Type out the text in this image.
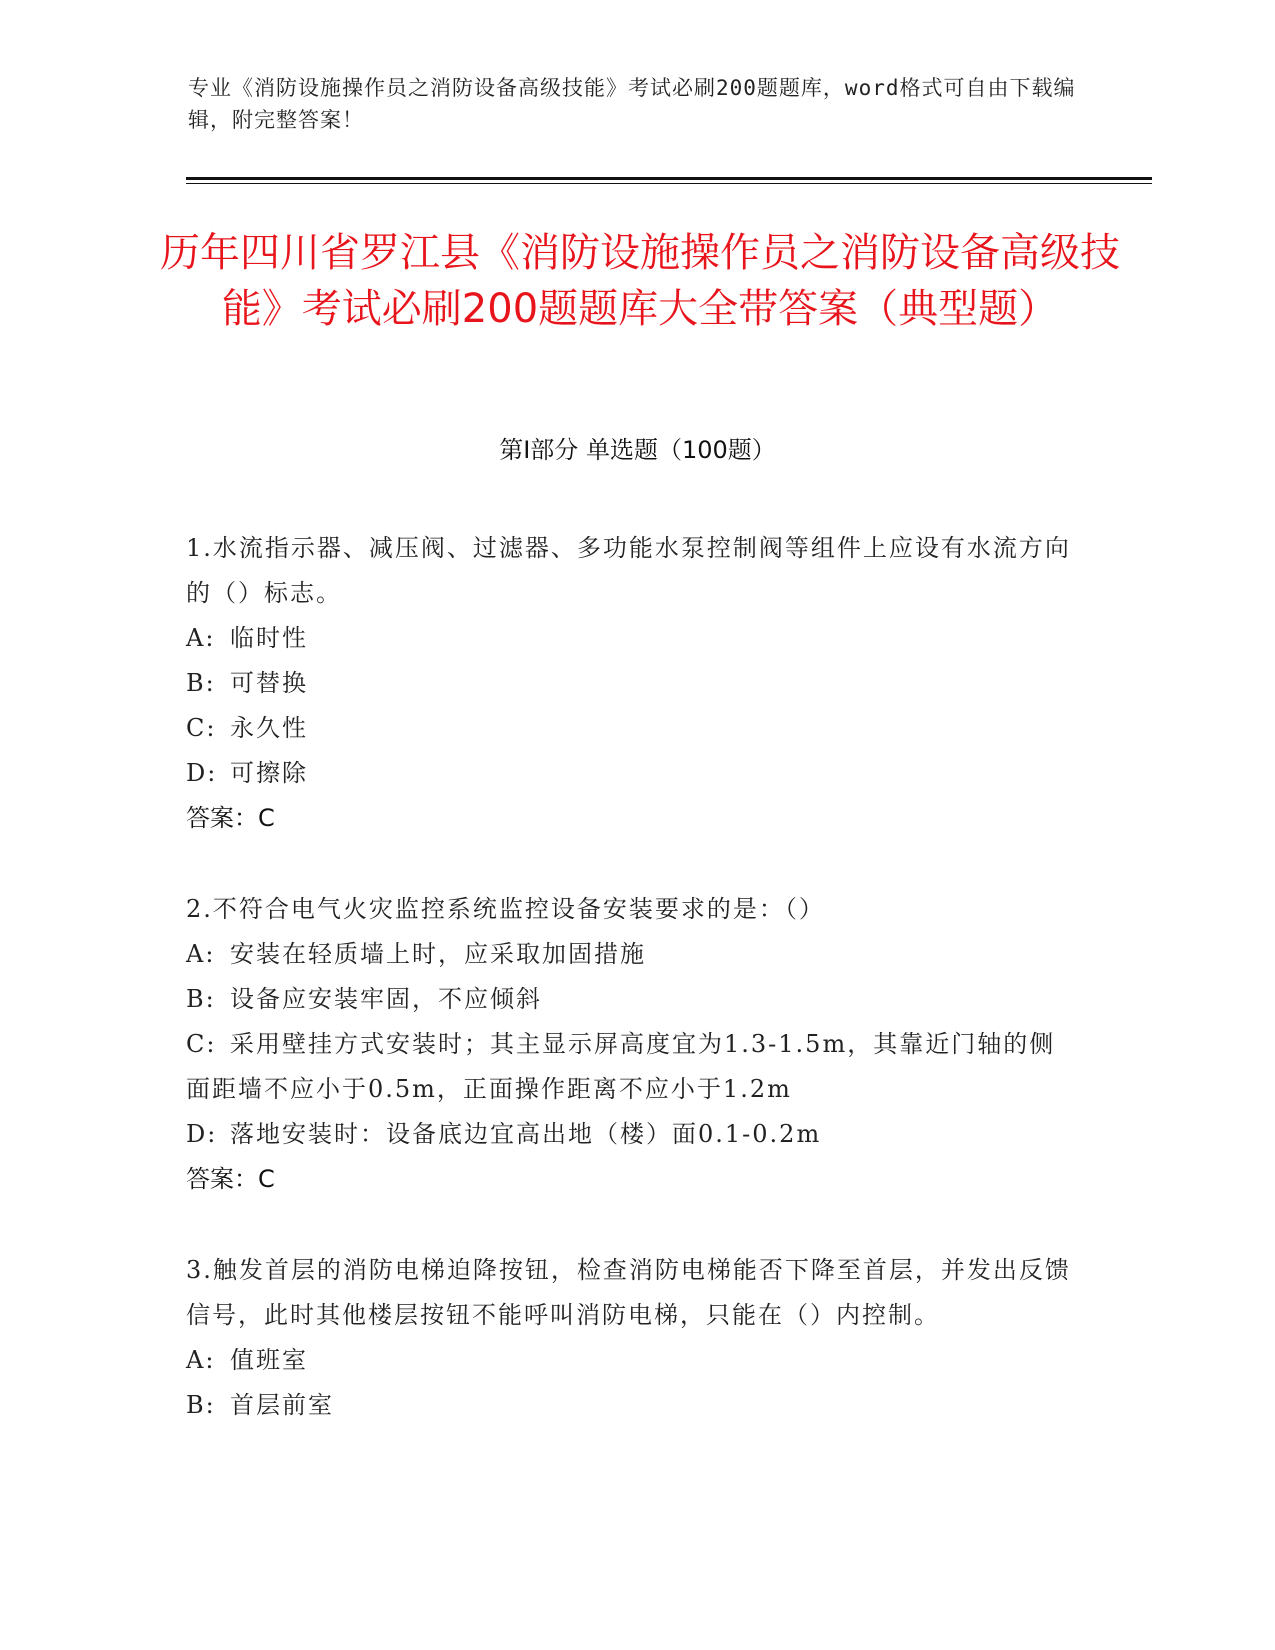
专业《消防设施操作员之消防设备高级技能》考试必刷200题题库，word格式可自由下载编辑，附完整答案！
历年四川省罗江县《消防设施操作员之消防设备高级技能》考试必刷200题题库大全带答案（典型题）
第Ⅰ部分 单选题（100题）

1.水流指示器、减压阀、过滤器、多功能水泵控制阀等组件上应设有水流方向的（）标志。

A: 临时性

B: 可替换

C: 永久性

D: 可擦除

答案：C

2.不符合电气火灾监控系统监控设备安装要求的是：（）

A: 安装在轻质墙上时，应采取加固措施

B: 设备应安装牢固，不应倾斜

C: 采用壁挂方式安装时；其主显示屏高度宜为1.3-1.5m，其靠近门轴的侧面距墙不应小于0.5m，正面操作距离不应小于1.2m

D: 落地安装时：设备底边宜高出地（楼）面0.1-0.2m

答案：C

3.触发首层的消防电梯迫降按钮，检查消防电梯能否下降至首层，并发出反馈信号，此时其他楼层按钮不能呼叫消防电梯，只能在（）内控制。

A: 值班室

B: 首层前室
